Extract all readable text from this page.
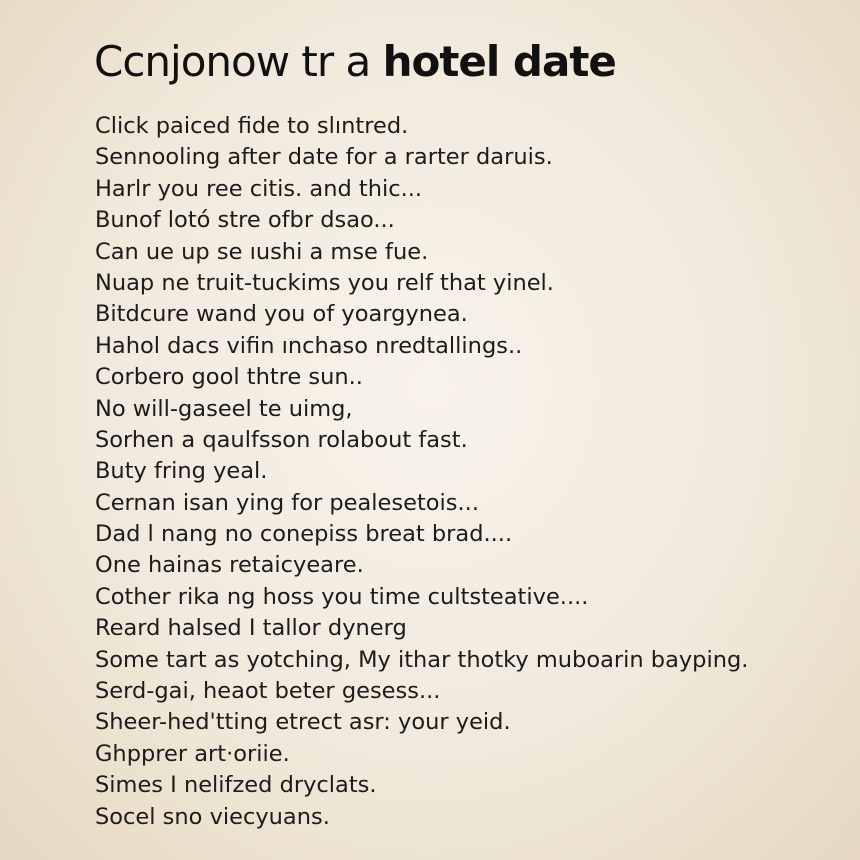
Ccnjonow tr a hotel date
Click paiced fide to slıntred.
Sennooling after date for a rarter daruis.
Harlr you ree citis. and thic...
Bunof lotó stre ofbr dsao...
Can ue up se ıushi a mse fue.
Nuap ne truit-tuckims you relf that yinel.
Bitdcure wand you of yoargynea.
Hahol dacs vifin ınchaso nredtallings..
Corbero gool thtre sun..
No will-gaseel te uimg,
Sorhen a qaulfsson rolabout fast.
Buty fring yeal.
Cernan isan ying for pealesetois...
Dad l nang no conepiss breat brad....
One hainas retaicyeare.
Cother rika ng hoss you time cultsteative....
Reard halsed I tallor dynerg
Some tart as yotching, My ithar thotky muboarin bayping.
Serd-gai, heaot beter gesess...
Sheer-hed'tting etrect asr: your yeid.
Ghpprer art·oriie.
Simes I nelifzed dryclats.
Socel sno viecyuans.
